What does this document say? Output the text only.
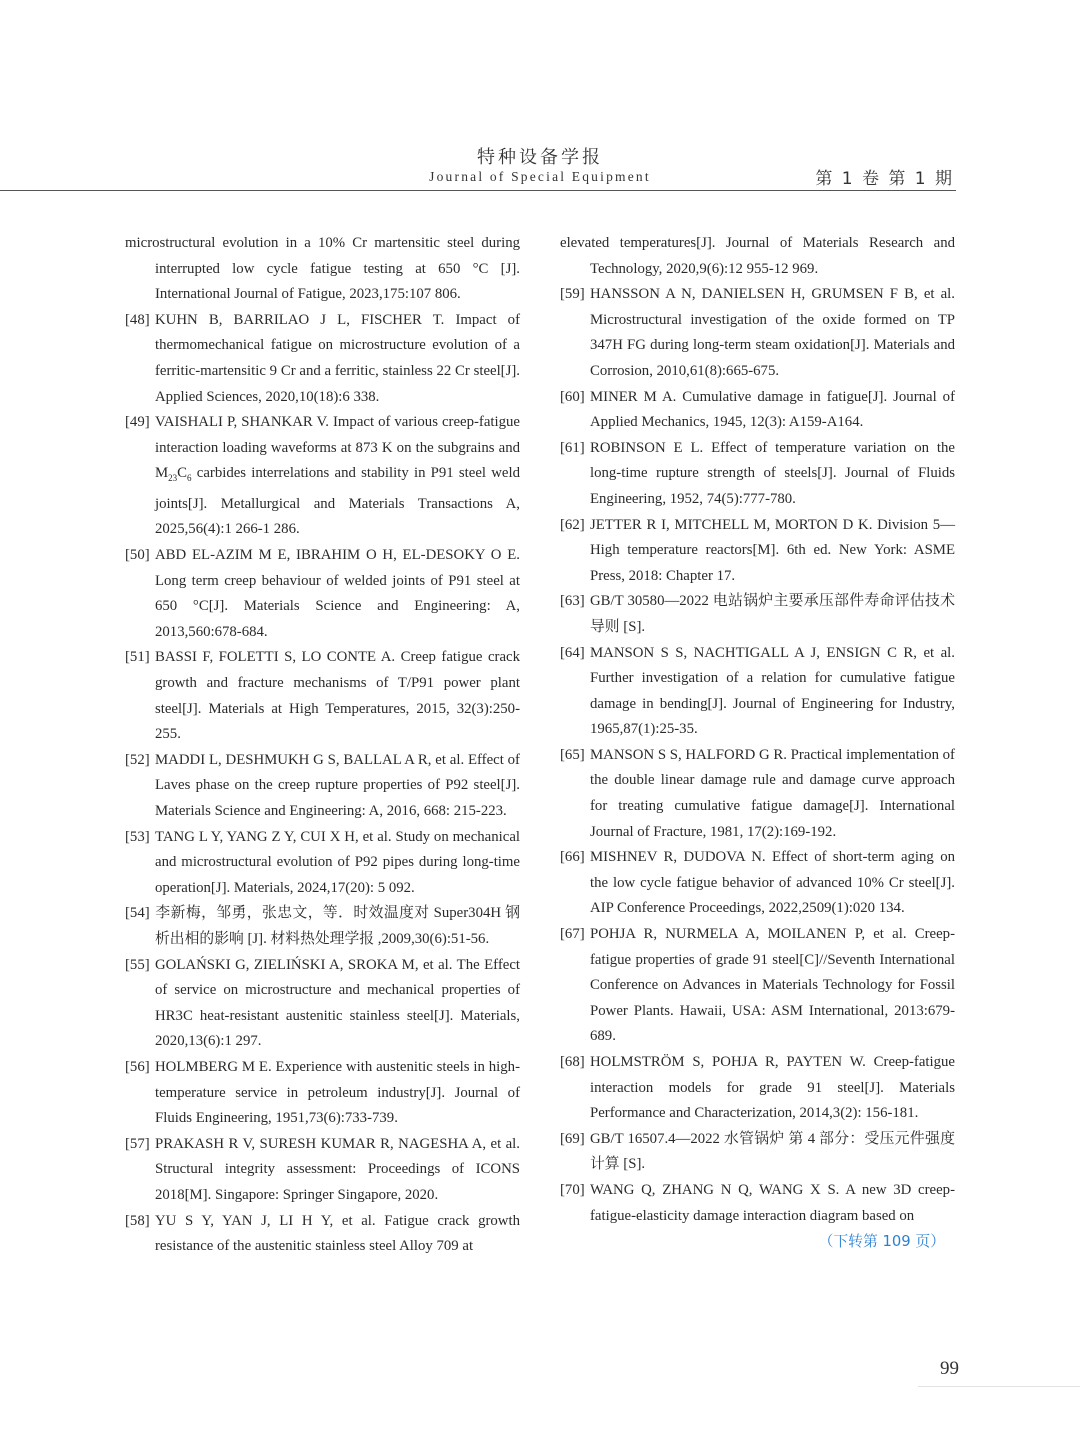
特种设备学报
Journal of Special Equipment	第 1 卷 第 1 期
microstructural evolution in a 10% Cr martensitic steel during interrupted low cycle fatigue testing at 650 °C [J]. International Journal of Fatigue, 2023,175:107 806.
[48] KUHN B, BARRILAO J L, FISCHER T. Impact of thermomechanical fatigue on microstructure evolution of a ferritic-martensitic 9 Cr and a ferritic, stainless 22 Cr steel[J]. Applied Sciences, 2020,10(18):6 338.
[49] VAISHALI P, SHANKAR V. Impact of various creep-fatigue interaction loading waveforms at 873 K on the subgrains and $M_{23}C_6$ carbides interrelations and stability in P91 steel weld joints[J]. Metallurgical and Materials Transactions A, 2025,56(4):1 266-1 286.
[50] ABD EL-AZIM M E, IBRAHIM O H, EL-DESOKY O E. Long term creep behaviour of welded joints of P91 steel at 650 °C[J]. Materials Science and Engineering: A, 2013,560:678-684.
[51] BASSI F, FOLETTI S, LO CONTE A. Creep fatigue crack growth and fracture mechanisms of T/P91 power plant steel[J]. Materials at High Temperatures, 2015, 32(3):250-255.
[52] MADDI L, DESHMUKH G S, BALLAL A R, et al. Effect of Laves phase on the creep rupture properties of P92 steel[J]. Materials Science and Engineering: A, 2016, 668: 215-223.
[53] TANG L Y, YANG Z Y, CUI X H, et al. Study on mechanical and microstructural evolution of P92 pipes during long-time operation[J]. Materials, 2024,17(20): 5 092.
[54] 李新梅，邹勇，张忠文，等．时效温度对 Super304H 钢析出相的影响 [J]. 材料热处理学报 ,2009,30(6):51-56.
[55] GOLAŃSKI G, ZIELIŃSKI A, SROKA M, et al. The Effect of service on microstructure and mechanical properties of HR3C heat-resistant austenitic stainless steel[J]. Materials, 2020,13(6):1 297.
[56] HOLMBERG M E. Experience with austenitic steels in high-temperature service in petroleum industry[J]. Journal of Fluids Engineering, 1951,73(6):733-739.
[57] PRAKASH R V, SURESH KUMAR R, NAGESHA A, et al. Structural integrity assessment: Proceedings of ICONS 2018[M]. Singapore: Springer Singapore, 2020.
[58] YU S Y, YAN J, LI H Y, et al. Fatigue crack growth resistance of the austenitic stainless steel Alloy 709 at
elevated temperatures[J]. Journal of Materials Research and Technology, 2020,9(6):12 955-12 969.
[59] HANSSON A N, DANIELSEN H, GRUMSEN F B, et al. Microstructural investigation of the oxide formed on TP 347H FG during long-term steam oxidation[J]. Materials and Corrosion, 2010,61(8):665-675.
[60] MINER M A. Cumulative damage in fatigue[J]. Journal of Applied Mechanics, 1945, 12(3): A159-A164.
[61] ROBINSON E L. Effect of temperature variation on the long-time rupture strength of steels[J]. Journal of Fluids Engineering, 1952, 74(5):777-780.
[62] JETTER R I, MITCHELL M, MORTON D K. Division 5—High temperature reactors[M]. 6th ed. New York: ASME Press, 2018: Chapter 17.
[63] GB/T 30580—2022 电站锅炉主要承压部件寿命评估技术导则 [S].
[64] MANSON S S, NACHTIGALL A J, ENSIGN C R, et al. Further investigation of a relation for cumulative fatigue damage in bending[J]. Journal of Engineering for Industry, 1965,87(1):25-35.
[65] MANSON S S, HALFORD G R. Practical implementation of the double linear damage rule and damage curve approach for treating cumulative fatigue damage[J]. International Journal of Fracture, 1981, 17(2):169-192.
[66] MISHNEV R, DUDOVA N. Effect of short-term aging on the low cycle fatigue behavior of advanced 10% Cr steel[J]. AIP Conference Proceedings, 2022,2509(1):020 134.
[67] POHJA R, NURMELA A, MOILANEN P, et al. Creep-fatigue properties of grade 91 steel[C]//Seventh International Conference on Advances in Materials Technology for Fossil Power Plants. Hawaii, USA: ASM International, 2013:679-689.
[68] HOLMSTRÖM S, POHJA R, PAYTEN W. Creep-fatigue interaction models for grade 91 steel[J]. Materials Performance and Characterization, 2014,3(2): 156-181.
[69] GB/T 16507.4—2022 水管锅炉 第 4 部分：受压元件强度计算 [S].
[70] WANG Q, ZHANG N Q, WANG X S. A new 3D creep-fatigue-elasticity damage interaction diagram based on
（下转第 109 页）
99
